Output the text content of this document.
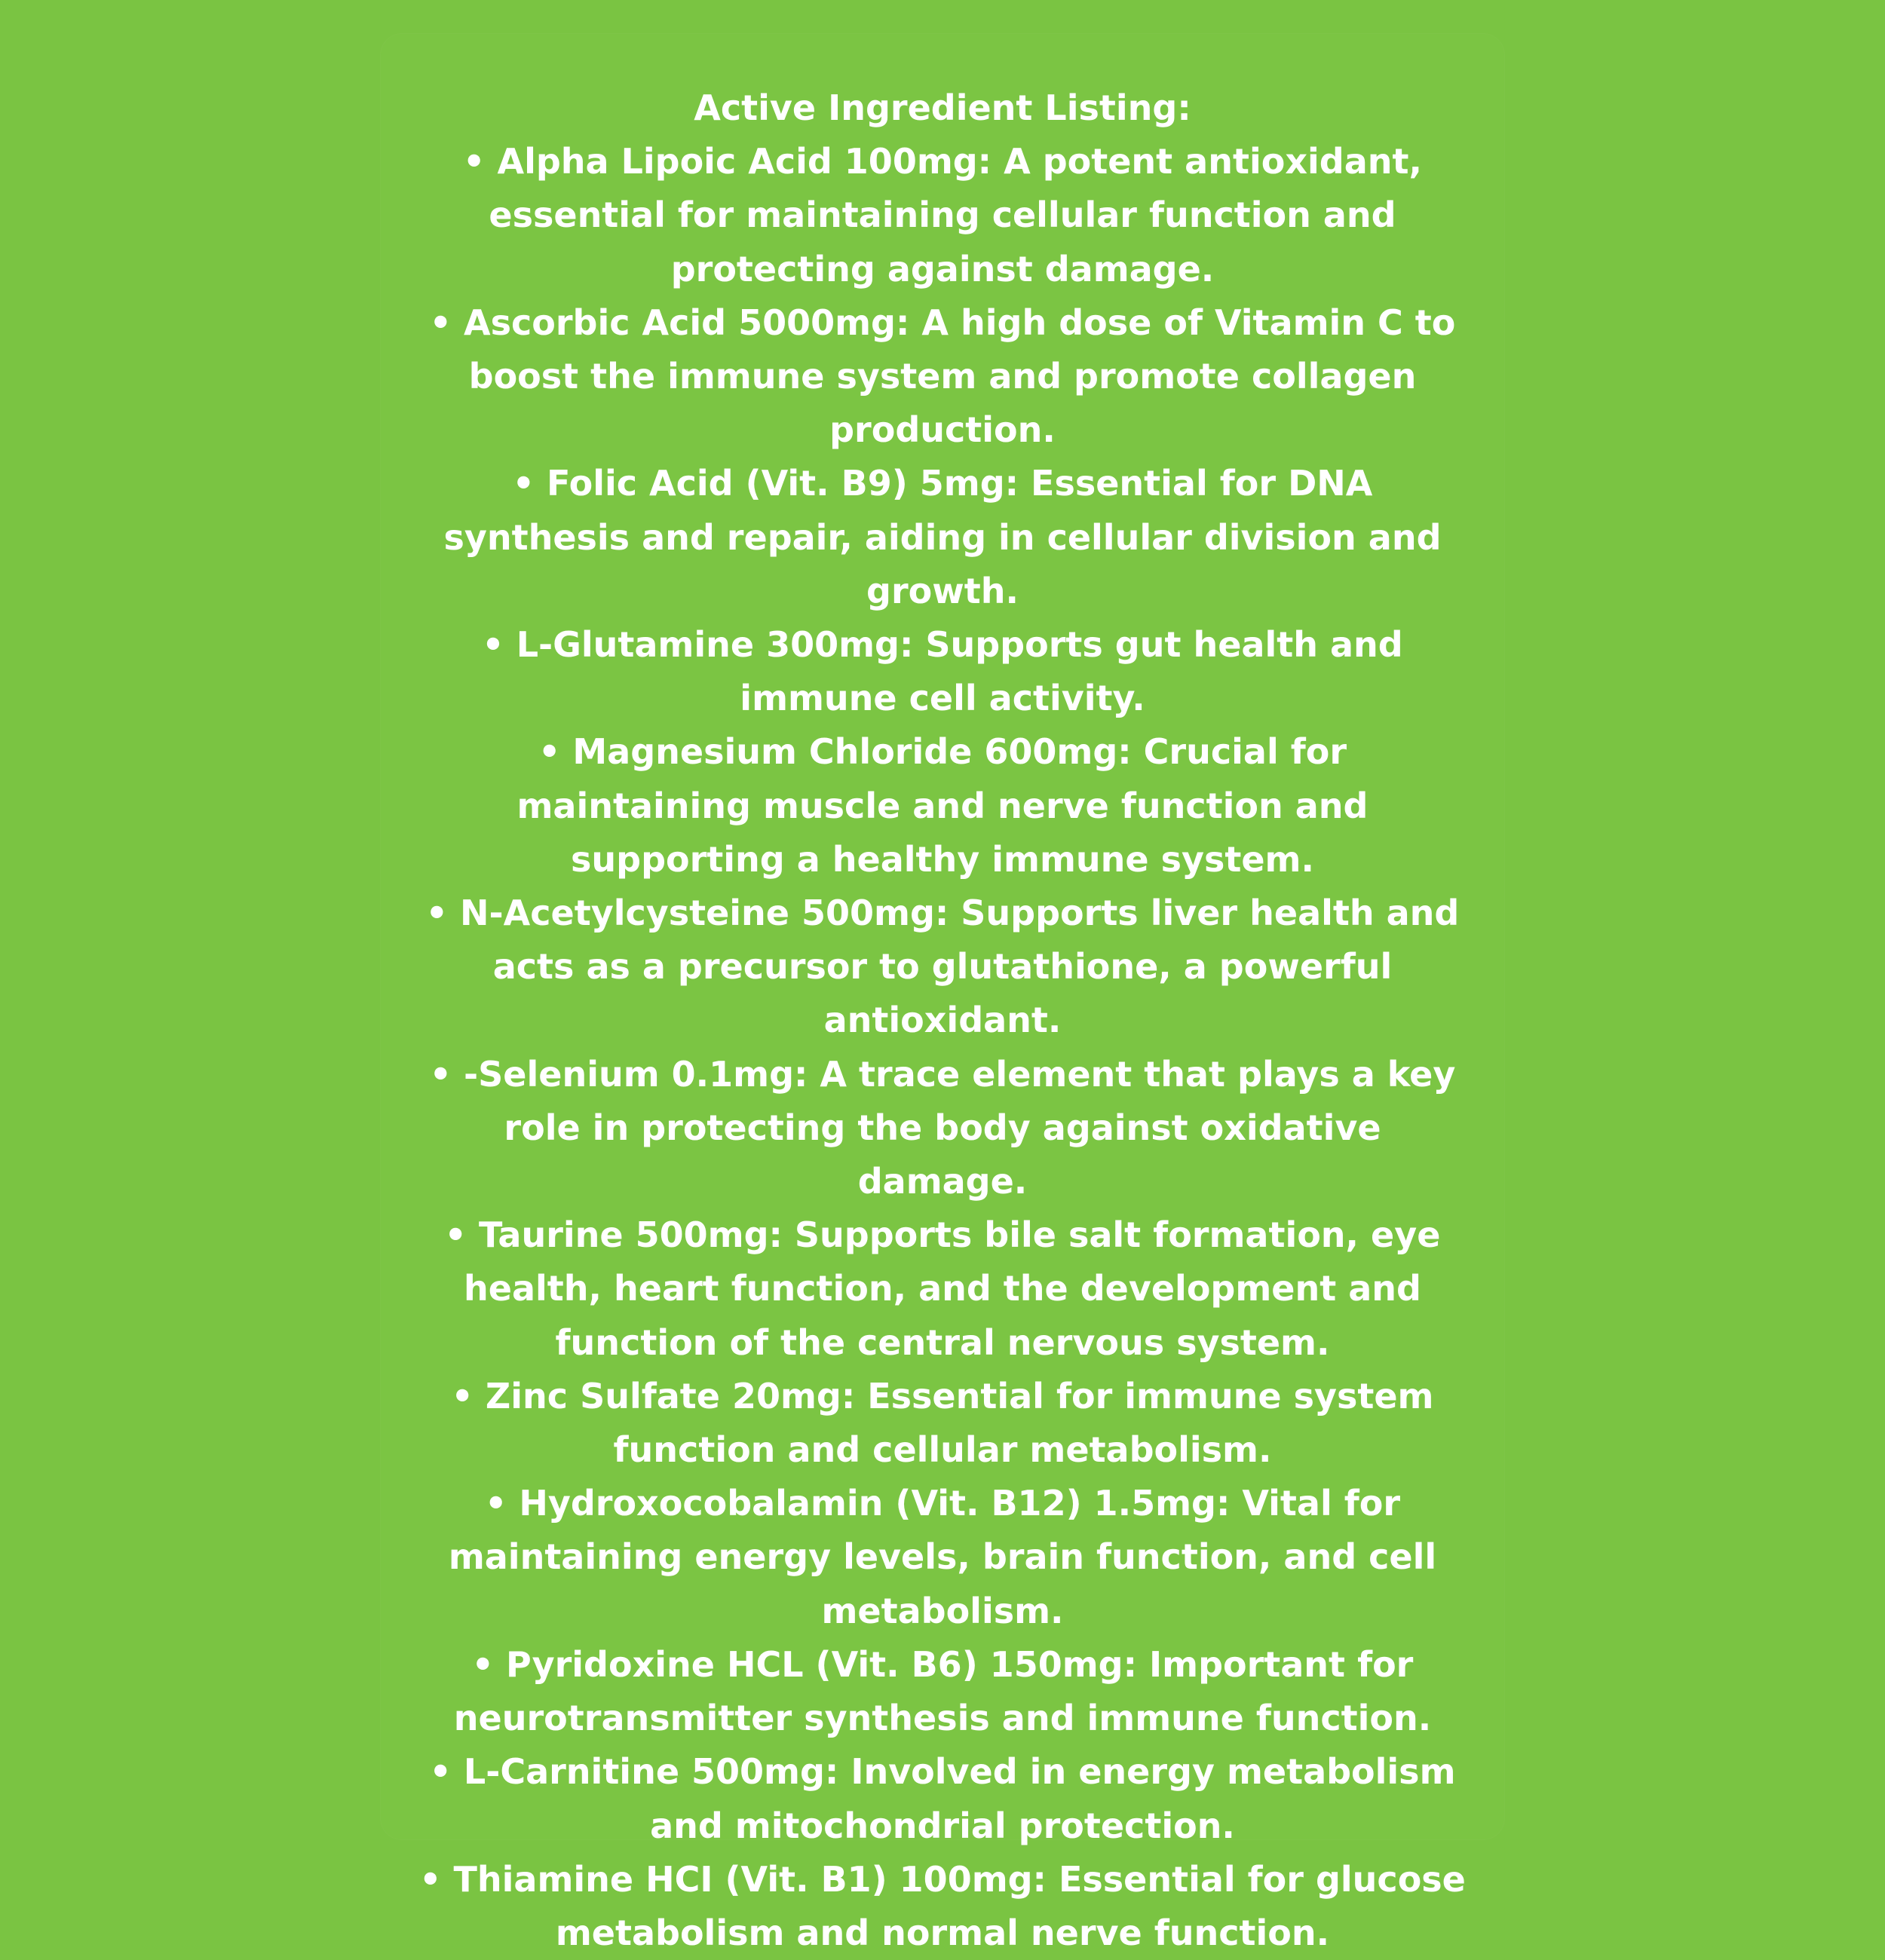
Active Ingredient Listing:

• Alpha Lipoic Acid 100mg: A potent antioxidant, essential for maintaining cellular function and protecting against damage.

• Ascorbic Acid 5000mg: A high dose of Vitamin C to boost the immune system and promote collagen production.

• Folic Acid (Vit. B9) 5mg: Essential for DNA synthesis and repair, aiding in cellular division and growth.

• L-Glutamine 300mg: Supports gut health and immune cell activity.

• Magnesium Chloride 600mg: Crucial for maintaining muscle and nerve function and supporting a healthy immune system.

• N-Acetylcysteine 500mg: Supports liver health and acts as a precursor to glutathione, a powerful antioxidant.

• -Selenium 0.1mg: A trace element that plays a key role in protecting the body against oxidative damage.

• Taurine 500mg: Supports bile salt formation, eye health, heart function, and the development and function of the central nervous system.

• Zinc Sulfate 20mg: Essential for immune system function and cellular metabolism.

• Hydroxocobalamin (Vit. B12) 1.5mg: Vital for maintaining energy levels, brain function, and cell metabolism.

• Pyridoxine HCL (Vit. B6) 150mg: Important for neurotransmitter synthesis and immune function.

• L-Carnitine 500mg: Involved in energy metabolism and mitochondrial protection.

• Thiamine HCI (Vit. B1) 100mg: Essential for glucose metabolism and normal nerve function.
